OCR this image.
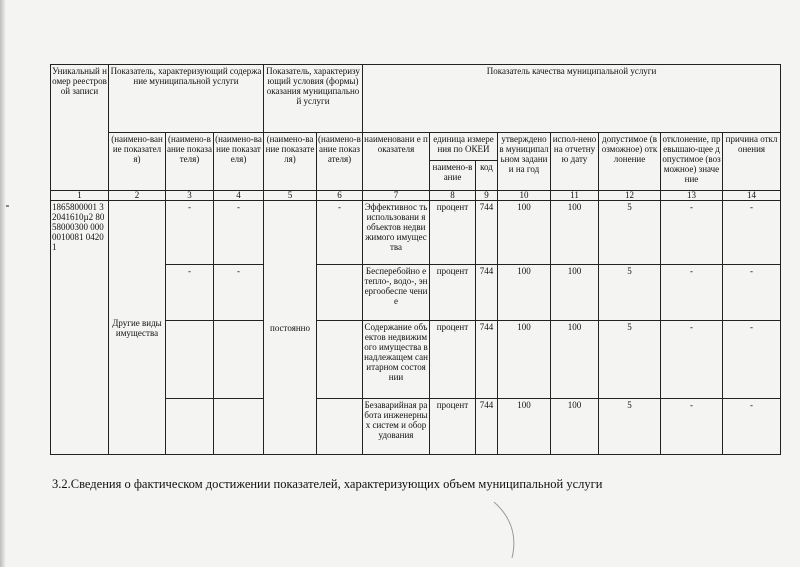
Уникальный номер реестровой записи	Показатель, характеризующий содержание муниципальной услуги			Показатель, характеризующий условия (формы) оказания муниципальной услуги		Показатель качества муниципальной услуги							
	(наимено-вание показателя)	(наимено-вание показателя)	(наимено-вание показателя)	(наимено-вание показателя)	(наимено-вание показателя)	наименовани е показателя	единица измерения по ОКЕИ		утверждено в муниципал ьном задании на год	испол-нено на отчетную дату	допустимое (возможное) отклонение	отклонение, превышаю-щее допустимое (возможное) значение	причина отклонения
							наимено-вание	код					
1	2	3	4	5	6	7	8	9	10	11	12	13	14
1865800001 32041610µ2 8058000300 0000010081 04201	Другие виды имущества	-	-	постоянно	-	Эффективнос ть использовани я объектов недвижимого имущества	процент	744	100	100	5	-	-
		-	-			Бесперебойно е тепло-, водо-, энергообеспе чение	процент	744	100	100	5	-	-
						Содержание объектов недвижимого имущества в надлежащем санитарном состоянии	процент	744	100	100	5	-	-
						Безаварийная работа инженерных систем и оборудования	процент	744	100	100	5	-	-
3.2.Сведения о фактическом достижении показателей, характеризующих объем муниципальной услуги
